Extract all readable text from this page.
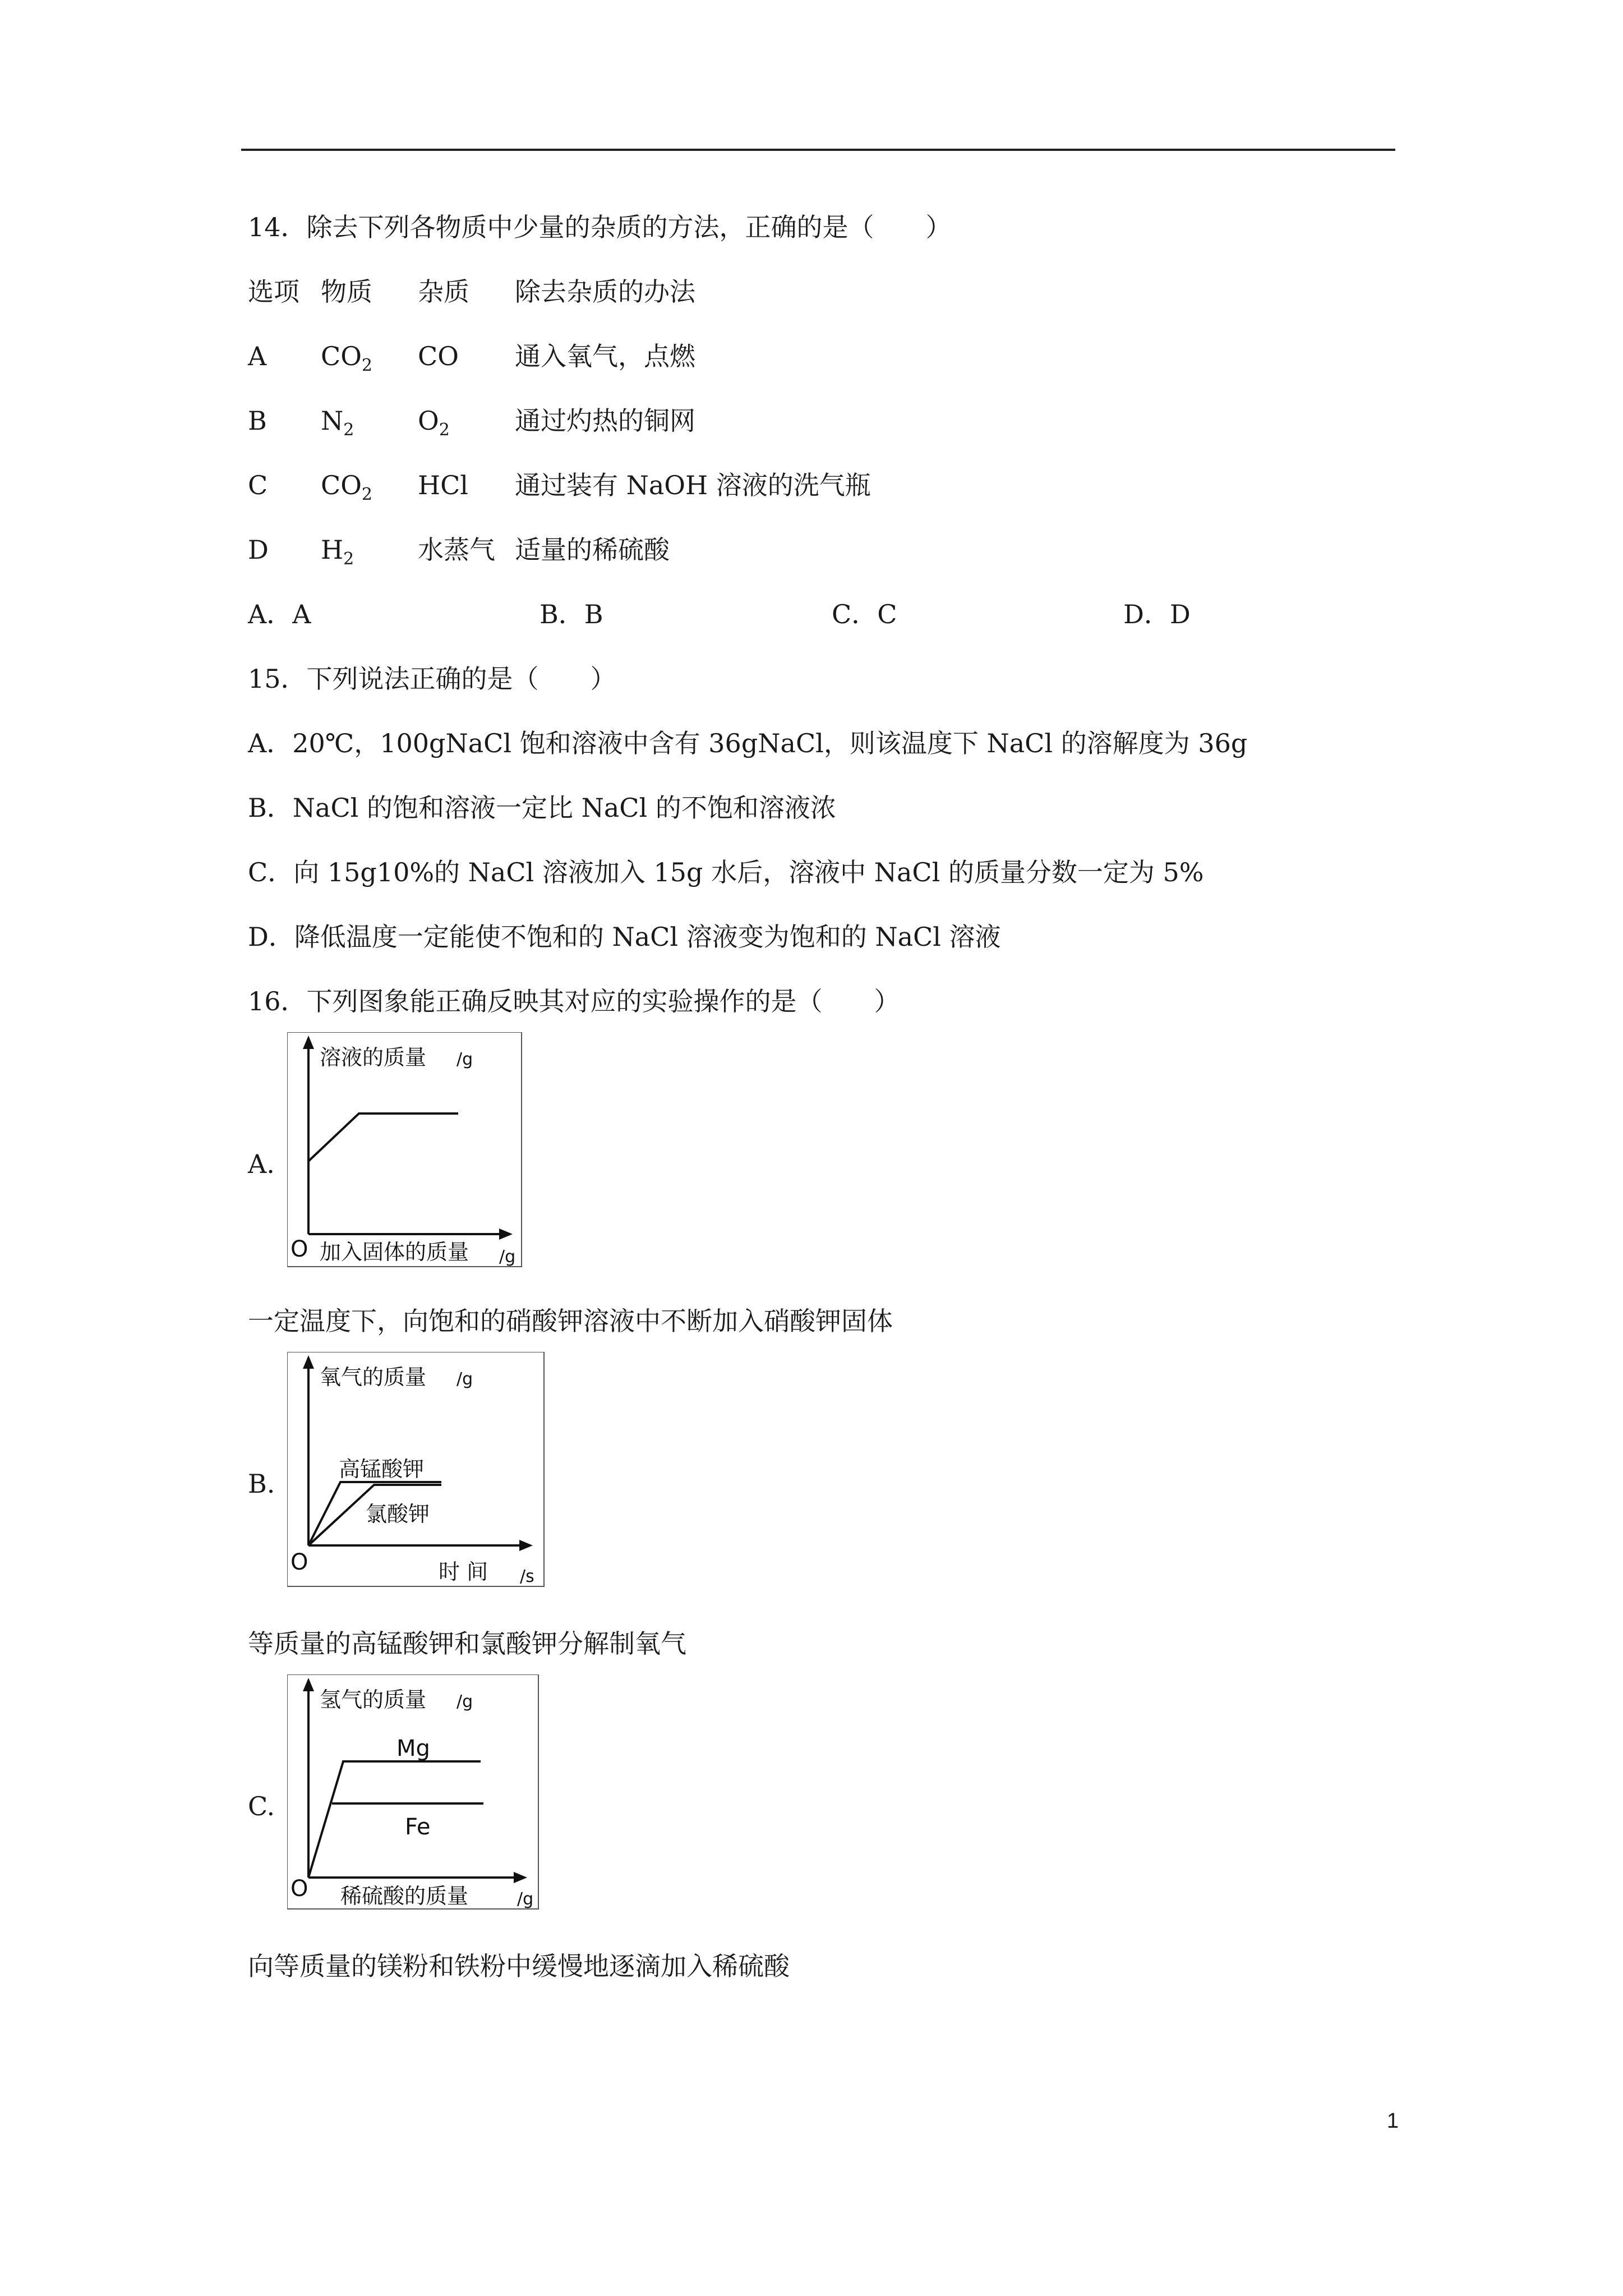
14．除去下列各物质中少量的杂质的方法，正确的是（　　）
选项 物质 杂质 除去杂质的办法
A $CO_2$ CO 通入氧气，点燃
B $N_2$ $O_2$	通过灼热的铜网
C $CO_2$ HCl 通过装有 NaOH 溶液的洗气瓶
D $H_2$ 水蒸气 适量的稀硫酸
A．A	B．B	C．C	D．D
15．下列说法正确的是（　　）
A．20℃，100gNaCl 饱和溶液中含有 36gNaCl，则该温度下 NaCl 的溶解度为 36g
B．NaCl 的饱和溶液一定比 NaCl 的不饱和溶液浓
C．向 15g10%的 NaCl 溶液加入 15g 水后，溶液中 NaCl 的质量分数一定为 5%
D．降低温度一定能使不饱和的 NaCl 溶液变为饱和的 NaCl 溶液
16．下列图象能正确反映其对应的实验操作的是（　　）
A.
溶液的质量 /g
O 加入固体的质量 /g
一定温度下，向饱和的硝酸钾溶液中不断加入硝酸钾固体
B.
氧气的质量 /g
高锰酸钾
氯酸钾
O	时 间 /s
等质量的高锰酸钾和氯酸钾分解制氧气
C.
氢气的质量 /g
Mg
Fe
O 稀硫酸的质量	/g
向等质量的镁粉和铁粉中缓慢地逐滴加入稀硫酸
1
